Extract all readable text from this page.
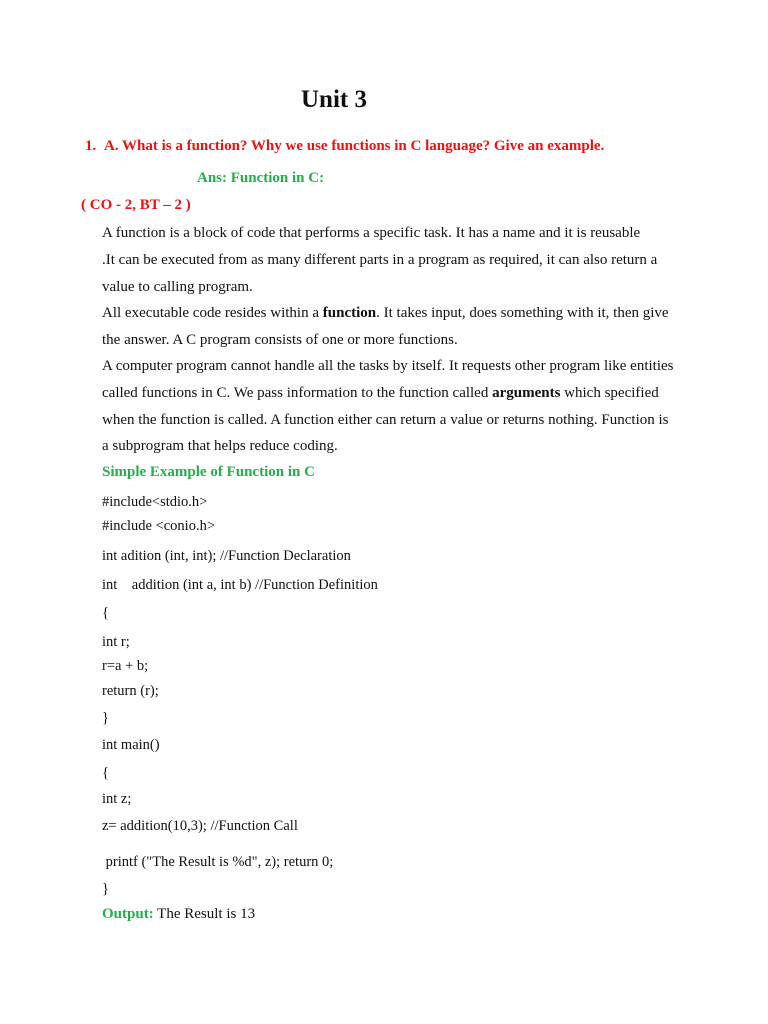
Unit 3
1. A. What is a function? Why we use functions in C language? Give an example.
Ans: Function in C:
( CO - 2, BT – 2 )
A function is a block of code that performs a specific task. It has a name and it is reusable
.It can be executed from as many different parts in a program as required, it can also return a
value to calling program.
All executable code resides within a function. It takes input, does something with it, then give
the answer. A C program consists of one or more functions.
A computer program cannot handle all the tasks by itself. It requests other program like entities
called functions in C. We pass information to the function called arguments which specified
when the function is called. A function either can return a value or returns nothing. Function is
a subprogram that helps reduce coding.
Simple Example of Function in C
#include<stdio.h>
#include <conio.h>
int adition (int, int); //Function Declaration
int    addition (int a, int b) //Function Definition
{
int r;
r=a + b;
return (r);
}
int main()
{
int z;
z= addition(10,3); //Function Call
printf ("The Result is %d", z); return 0;
}
Output: The Result is 13
